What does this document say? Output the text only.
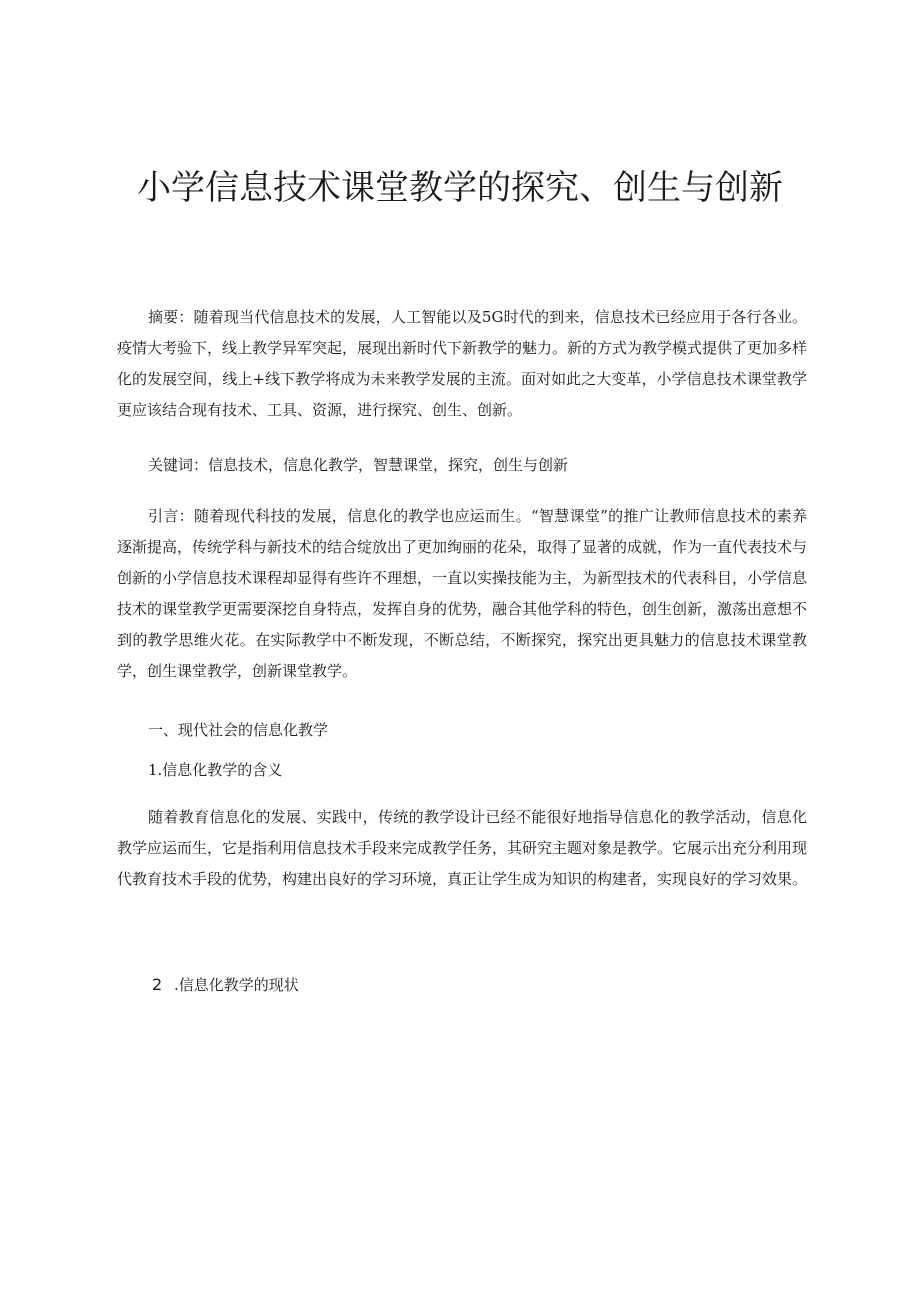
小学信息技术课堂教学的探究、创生与创新

摘要：随着现当代信息技术的发展，人工智能以及5G时代的到来，信息技术已经应用于各行各业。疫情大考验下，线上教学异军突起，展现出新时代下新教学的魅力。新的方式为教学模式提供了更加多样化的发展空间，线上+线下教学将成为未来教学发展的主流。面对如此之大变革，小学信息技术课堂教学更应该结合现有技术、工具、资源，进行探究、创生、创新。

关键词：信息技术，信息化教学，智慧课堂，探究，创生与创新

引言：随着现代科技的发展，信息化的教学也应运而生。“智慧课堂”的推广让教师信息技术的素养逐渐提高，传统学科与新技术的结合绽放出了更加绚丽的花朵，取得了显著的成就，作为一直代表技术与创新的小学信息技术课程却显得有些许不理想，一直以实操技能为主，为新型技术的代表科目，小学信息技术的课堂教学更需要深挖自身特点，发挥自身的优势，融合其他学科的特色，创生创新，激荡出意想不到的教学思维火花。在实际教学中不断发现，不断总结，不断探究，探究出更具魅力的信息技术课堂教学，创生课堂教学，创新课堂教学。

一、现代社会的信息化教学

1.信息化教学的含义

随着教育信息化的发展、实践中，传统的教学设计已经不能很好地指导信息化的教学活动，信息化教学应运而生，它是指利用信息技术手段来完成教学任务，其研究主题对象是教学。它展示出充分利用现代教育技术手段的优势，构建出良好的学习环境，真正让学生成为知识的构建者，实现良好的学习效果。

2 .信息化教学的现状
